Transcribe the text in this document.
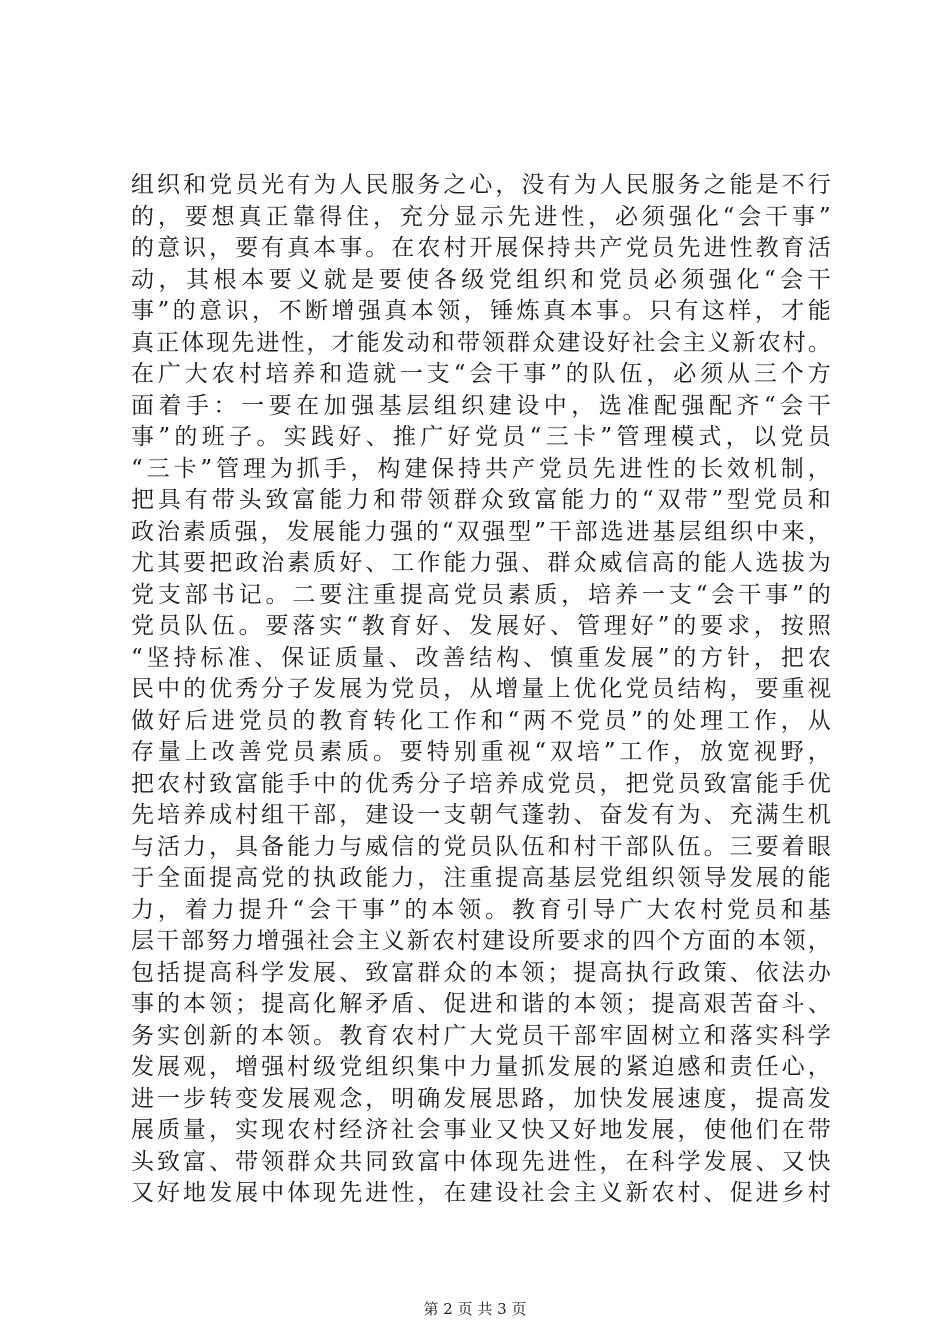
组织和党员光有为人民服务之心，没有为人民服务之能是不行
的，要想真正靠得住，充分显示先进性，必须强化“会干事”
的意识，要有真本事。在农村开展保持共产党员先进性教育活
动，其根本要义就是要使各级党组织和党员必须强化“会干
事”的意识，不断增强真本领，锤炼真本事。只有这样，才能
真正体现先进性，才能发动和带领群众建设好社会主义新农村。
在广大农村培养和造就一支“会干事”的队伍，必须从三个方
面着手：一要在加强基层组织建设中，选准配强配齐“会干
事”的班子。实践好、推广好党员“三卡”管理模式，以党员
“三卡”管理为抓手，构建保持共产党员先进性的长效机制，
把具有带头致富能力和带领群众致富能力的“双带”型党员和
政治素质强，发展能力强的“双强型”干部选进基层组织中来，
尤其要把政治素质好、工作能力强、群众威信高的能人选拔为
党支部书记。二要注重提高党员素质，培养一支“会干事”的
党员队伍。要落实“教育好、发展好、管理好”的要求，按照
“坚持标准、保证质量、改善结构、慎重发展”的方针，把农
民中的优秀分子发展为党员，从增量上优化党员结构，要重视
做好后进党员的教育转化工作和“两不党员”的处理工作，从
存量上改善党员素质。要特别重视“双培”工作，放宽视野，
把农村致富能手中的优秀分子培养成党员，把党员致富能手优
先培养成村组干部，建设一支朝气蓬勃、奋发有为、充满生机
与活力，具备能力与威信的党员队伍和村干部队伍。三要着眼
于全面提高党的执政能力，注重提高基层党组织领导发展的能
力，着力提升“会干事”的本领。教育引导广大农村党员和基
层干部努力增强社会主义新农村建设所要求的四个方面的本领，
包括提高科学发展、致富群众的本领；提高执行政策、依法办
事的本领；提高化解矛盾、促进和谐的本领；提高艰苦奋斗、
务实创新的本领。教育农村广大党员干部牢固树立和落实科学
发展观，增强村级党组织集中力量抓发展的紧迫感和责任心，
进一步转变发展观念，明确发展思路，加快发展速度，提高发
展质量，实现农村经济社会事业又快又好地发展，使他们在带
头致富、带领群众共同致富中体现先进性，在科学发展、又快
又好地发展中体现先进性，在建设社会主义新农村、促进乡村
第 2 页 共 3 页
